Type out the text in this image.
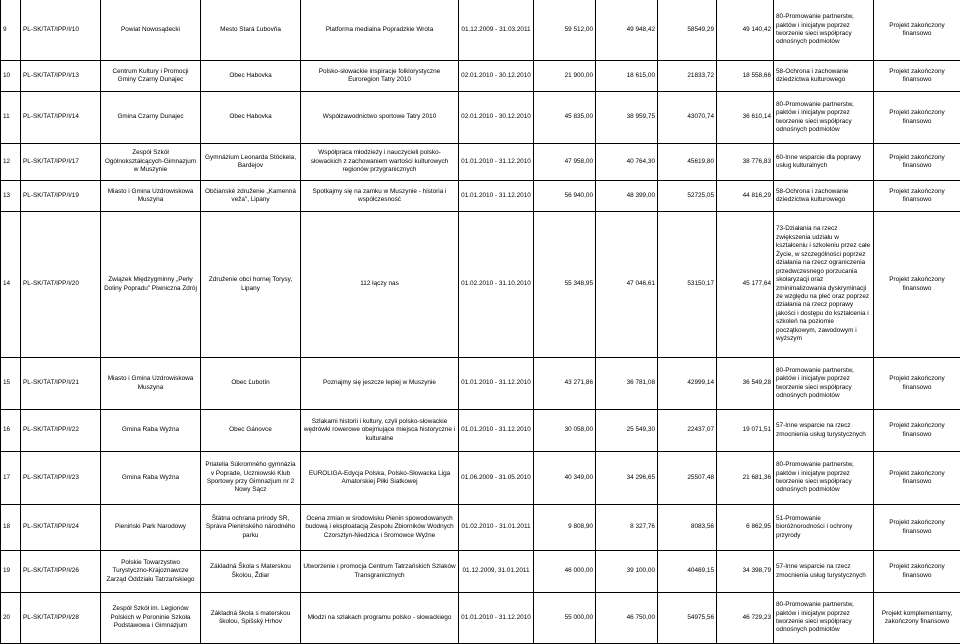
9	PL-SK/TAT/IPP/I/10	Powiat Nowosądecki	Mesto Stará Ľubovňa	Platforma medialna Popradzkie Wrota	01.12.2009 - 31.03.2011	59 512,00	49 948,42	58549,29	49 140,42	80-Promowanie partnerstw, paktów i inicjatyw poprzez tworzenie sieci współpracy odnośnych podmiotów	Projekt zakończony finansowo
10	PL-SK/TAT/IPP/I/13	Centrum Kultury i Promocji Gminy Czarny Dunajec	Obec Habovka	Polsko-słowackie inspiracje folklorystyczne Euroregion Tatry 2010	02.01.2010 - 30.12.2010	21 900,00	18 615,00	21833,72	18 558,66	58-Ochrona i zachowanie dziedzictwa kulturowego	Projekt zakończony finansowo
11	PL-SK/TAT/IPP/I/14	Gmina Czarny Dunajec	Obec Habovka	Współzawodnictwo sportowe Tatry 2010	02.01.2010 - 30.12.2010	45 835,00	38 959,75	43070,74	36 610,14	80-Promowanie partnerstw, paktów i inicjatyw poprzez tworzenie sieci współpracy odnośnych podmiotów	Projekt zakończony finansowo
12	PL-SK/TAT/IPP/I/17	Zespół Szkół Ogólnokształcących-Gimnazjum w Muszynie	Gymnázium Leonarda Stöckela, Bardejov	Współpraca młodzieży i nauczycieli polsko-słowackich z zachowaniem wartości kulturowych regionów przygranicznych	01.01.2010 - 31.12.2010	47 958,00	40 764,30	45619,80	38 776,83	60-Inne wsparcie dla poprawy usług kulturalnych	Projekt zakończony finansowo
13	PL-SK/TAT/IPP/I/19	Miasto i Gmina Uzdrowiskowa Muszyna	Občianské združenie „Kamenná veža", Lipany	Spotkajmy się na zamku w Muszynie - historia i współczesność	01.01.2010 - 31.12.2010	56 940,00	48 399,00	52725,05	44 816,29	58-Ochrona i zachowanie dziedzictwa kulturowego	Projekt zakończony finansowo
14	PL-SK/TAT/IPP/I/20	Związek Międzygminny „Perły Doliny Popradu" Piwniczna Zdrój	Združenie obcí hornej Torysy, Lipany	112 łączy nas	01.02.2010 - 31.10.2010	55 348,95	47 046,61	53150,17	45 177,64	73-Działania na rzecz zwiększenia udziału w kształceniu i szkoleniu przez całe Życie, w szczególności poprzez działania na rzecz ograniczenia przedwczesnego porzucania skolaryzacji oraz zminimalizowania dyskryminacji ze względu na płeć oraz poprzez działania na rzecz poprawy jakości i dostępu do kształcenia i szkoleń na poziomie początkowym, zawodowym i wyższym	Projekt zakończony finansowo
15	PL-SK/TAT/IPP/I/21	Miasto i Gmina Uzdrowiskowa Muszyna	Obec Ľubotín	Poznajmy się jeszcze lepiej w Muszynie	01.01.2010 - 31.12.2010	43 271,86	36 781,08	42999,14	36 549,28	80-Promowanie partnerstw, paktów i inicjatyw poprzez tworzenie sieci współpracy odnośnych podmiotów	Projekt zakończony finansowo
16	PL-SK/TAT/IPP/I/22	Gmina Raba Wyżna	Obec Gánovce	Szlakami historii i kultury, czyli polsko-słowackie wędrówki rowerowe obejmujące miejsca historyczne i kulturalne	01.01.2010 - 31.12.2010	30 058,00	25 549,30	22437,07	19 071,51	57-Inne wsparcie na rzecz zmocnienia usług turystycznych	Projekt zakończony finansowo
17	PL-SK/TAT/IPP/I/23	Gmina Raba Wyżna	Priatelia Súkromného gymnázia v Poprade, Uczniowski Klub Sportowy przy Gimnazjum nr 2 Nowy Sącz	EUROLIGA-Edycja Polska, Polsko-Słowacka Liga Amatorskiej Piłki Siatkowej	01.06.2009 - 31.05.2010	40 349,00	34 296,65	25507,48	21 681,36	80-Promowanie partnerstw, paktów i inicjatyw poprzez tworzenie sieci współpracy odnośnych podmiotów	Projekt zakończony finansowo
18	PL-SK/TAT/IPP/I/24	Pieniński Park Narodowy	Štátna ochrana prírody SR, Správa Pieninského národného parku	Ocena zmian w środowisku Pienin spowodowanych budową i eksploatacją Zespołu Zbiorników Wodnych Czorsztyn-Niedzica i Sromowce Wyżne	01.02.2010 - 31.01.2011	9 808,90	8 327,76	8083,56	6 862,95	51-Promowanie bioróżnorodności i ochrony przyrody	Projekt zakończony finansowo
19	PL-SK/TAT/IPP/I/26	Polskie Towarzystwo Turystyczno-Krajoznawcze Zarząd Oddziału Tatrzańskiego	Základná Škola s Materskou Školou, Ždiar	Utworzenie i promocja Centrum Tatrzańskich Szlaków Transgranicznych	01.12.2009, 31.01.2011	46 000,00	39 100,00	40469,15	34 398,79	57-Inne wsparcie na rzecz zmocnienia usług turystycznych	Projekt zakończony finansowo
20	PL-SK/TAT/IPP/I/28	Zespół Szkół im. Legionów Polskich w Poroninie Szkoła Podstawowa i Gimnazjum	Základná škola s materskou školou, Spišský Hrhov	Młodzi na szlakach programu polsko - słowackiego	01.01.2010 - 31.12.2010	55 000,00	46 750,00	54975,56	46 729,23	80-Promowanie partnerstw, paktów i inicjatyw poprzez tworzenie sieci współpracy odnośnych podmiotów	Projekt komplementarny, zakończony finansowo
